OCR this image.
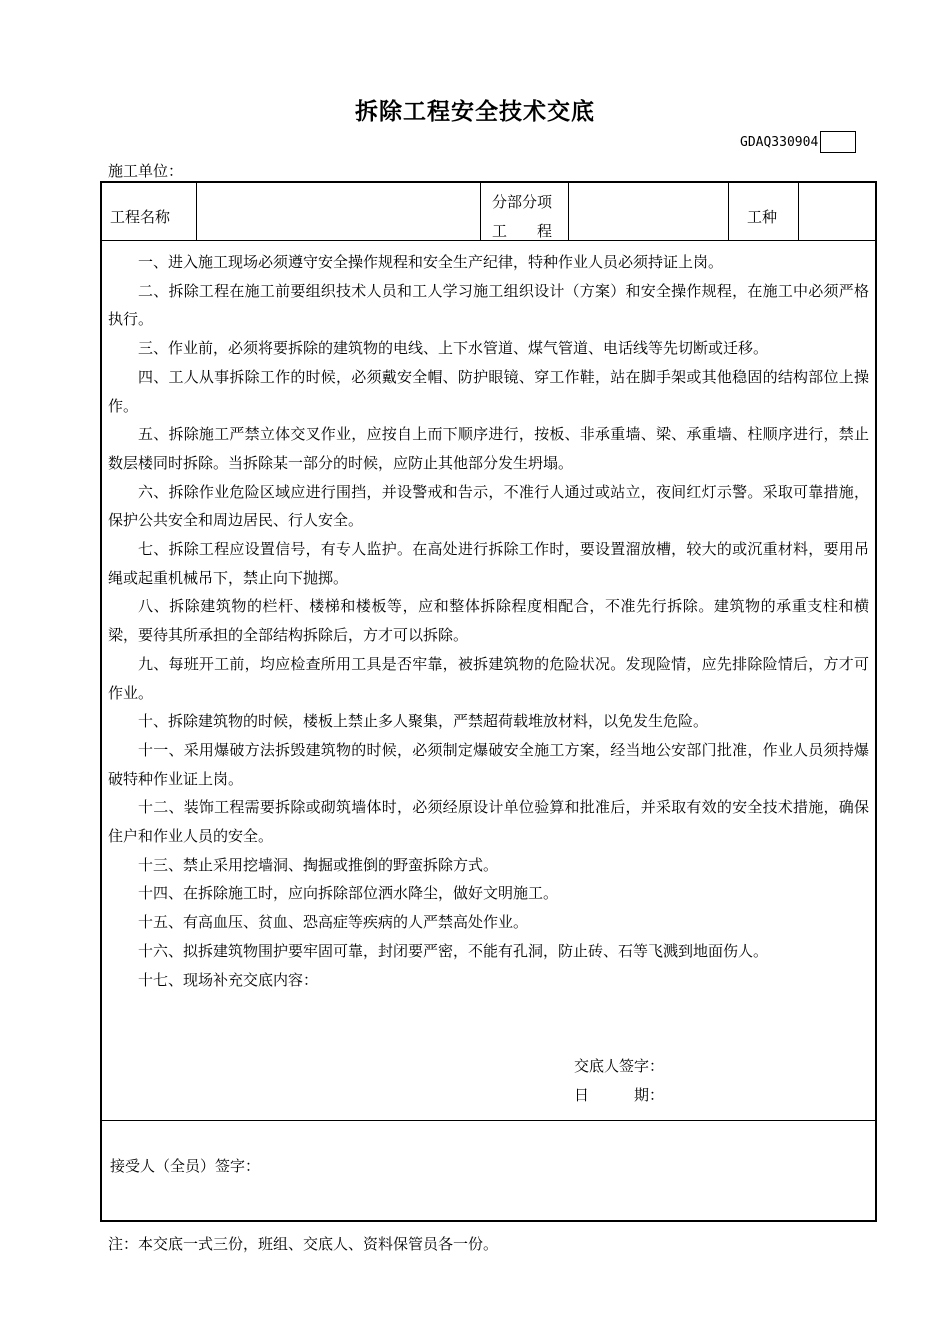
拆除工程安全技术交底
GDAQ330904
施工单位：
工程名称
分部分项
工　　程
工种

一、进入施工现场必须遵守安全操作规程和安全生产纪律，特种作业人员必须持证上岗。

二、拆除工程在施工前要组织技术人员和工人学习施工组织设计（方案）和安全操作规程，在施工中必须严格执行。

三、作业前，必须将要拆除的建筑物的电线、上下水管道、煤气管道、电话线等先切断或迁移。

四、工人从事拆除工作的时候，必须戴安全帽、防护眼镜、穿工作鞋，站在脚手架或其他稳固的结构部位上操作。

五、拆除施工严禁立体交叉作业，应按自上而下顺序进行，按板、非承重墙、梁、承重墙、柱顺序进行，禁止数层楼同时拆除。当拆除某一部分的时候，应防止其他部分发生坍塌。

六、拆除作业危险区域应进行围挡，并设警戒和告示，不准行人通过或站立，夜间红灯示警。采取可靠措施，保护公共安全和周边居民、行人安全。

七、拆除工程应设置信号，有专人监护。在高处进行拆除工作时，要设置溜放槽，较大的或沉重材料，要用吊绳或起重机械吊下，禁止向下抛掷。

八、拆除建筑物的栏杆、楼梯和楼板等，应和整体拆除程度相配合，不准先行拆除。建筑物的承重支柱和横梁，要待其所承担的全部结构拆除后，方才可以拆除。

九、每班开工前，均应检查所用工具是否牢靠，被拆建筑物的危险状况。发现险情，应先排除险情后，方才可作业。

十、拆除建筑物的时候，楼板上禁止多人聚集，严禁超荷载堆放材料，以免发生危险。

十一、采用爆破方法拆毁建筑物的时候，必须制定爆破安全施工方案，经当地公安部门批准，作业人员须持爆破特种作业证上岗。

十二、装饰工程需要拆除或砌筑墙体时，必须经原设计单位验算和批准后，并采取有效的安全技术措施，确保住户和作业人员的安全。

十三、禁止采用挖墙洞、掏掘或推倒的野蛮拆除方式。

十四、在拆除施工时，应向拆除部位洒水降尘，做好文明施工。

十五、有高血压、贫血、恐高症等疾病的人严禁高处作业。

十六、拟拆建筑物围护要牢固可靠，封闭要严密，不能有孔洞，防止砖、石等飞溅到地面伤人。

十七、现场补充交底内容：

交底人签字：
日　　　期：
接受人（全员）签字：
注：本交底一式三份，班组、交底人、资料保管员各一份。
